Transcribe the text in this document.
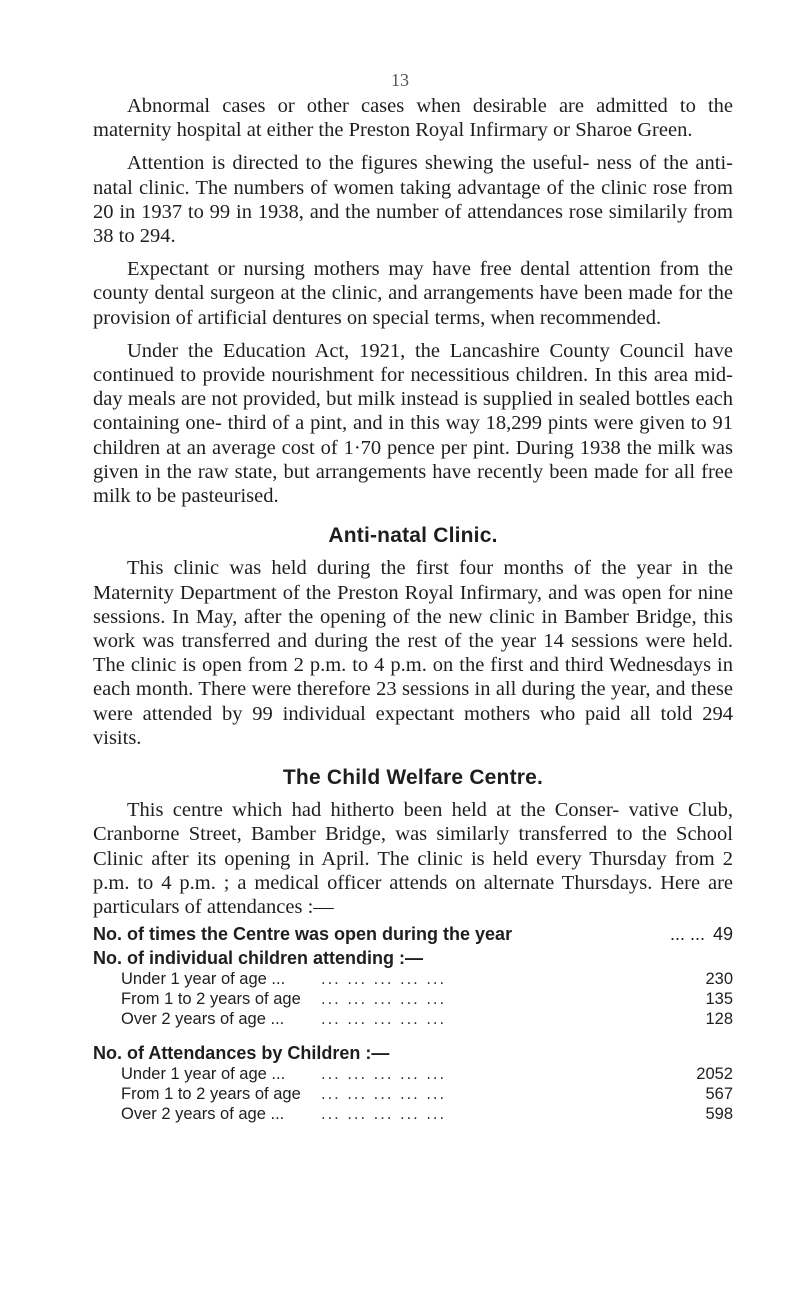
13

Abnormal cases or other cases when desirable are admitted to the maternity hospital at either the Preston Royal Infirmary or Sharoe Green.

Attention is directed to the figures shewing the useful- ness of the anti-natal clinic. The numbers of women taking advantage of the clinic rose from 20 in 1937 to 99 in 1938, and the number of attendances rose similarily from 38 to 294.

Expectant or nursing mothers may have free dental attention from the county dental surgeon at the clinic, and arrangements have been made for the provision of artificial dentures on special terms, when recommended.

Under the Education Act, 1921, the Lancashire County Council have continued to provide nourishment for necessitious children. In this area mid-day meals are not provided, but milk instead is supplied in sealed bottles each containing one- third of a pint, and in this way 18,299 pints were given to 91 children at an average cost of 1·70 pence per pint. During 1938 the milk was given in the raw state, but arrangements have recently been made for all free milk to be pasteurised.

Anti-natal Clinic.

This clinic was held during the first four months of the year in the Maternity Department of the Preston Royal Infirmary, and was open for nine sessions. In May, after the opening of the new clinic in Bamber Bridge, this work was transferred and during the rest of the year 14 sessions were held. The clinic is open from 2 p.m. to 4 p.m. on the first and third Wednesdays in each month. There were therefore 23 sessions in all during the year, and these were attended by 99 individual expectant mothers who paid all told 294 visits.

The Child Welfare Centre.

This centre which had hitherto been held at the Conser- vative Club, Cranborne Street, Bamber Bridge, was similarly transferred to the School Clinic after its opening in April. The clinic is held every Thursday from 2 p.m. to 4 p.m. ; a medical officer attends on alternate Thursdays. Here are particulars of attendances :—

No. of times the Centre was open during the year	... ... 49
No. of individual children attending :—
Under 1 year of age ...	... ... ... ... ...	230
From 1 to 2 years of age	... ... ... ... ...	135
Over 2 years of age ...	... ... ... ... ...	128
No. of Attendances by Children :—
Under 1 year of age ...	... ... ... ... ...	2052
From 1 to 2 years of age	... ... ... ... ...	567
Over 2 years of age ...	... ... ... ... ...	598
